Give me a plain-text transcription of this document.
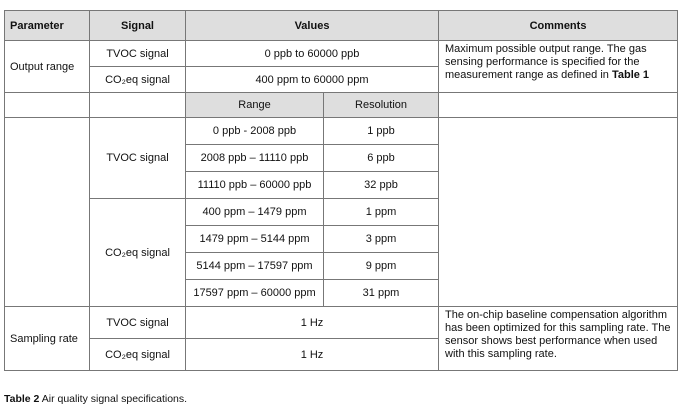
Parameter	Signal	Values		Comments
Output range	TVOC signal	0 ppb to 60000 ppb		Maximum possible output range. The gas sensing performance is specified for the measurement range as defined in Table 1
	CO₂eq signal	400 ppm to 60000 ppm		
		Range	Resolution	
	TVOC signal	0 ppb - 2008 ppb	1 ppb	
		2008 ppb – 11110 ppb	6 ppb	
		11110 ppb – 60000 ppb	32 ppb	
	CO₂eq signal	400 ppm – 1479 ppm	1 ppm	
		1479 ppm – 5144 ppm	3 ppm	
		5144 ppm – 17597 ppm	9 ppm	
		17597 ppm – 60000 ppm	31 ppm	
Sampling rate	TVOC signal	1 Hz		The on-chip baseline compensation algorithm has been optimized for this sampling rate. The sensor shows best performance when used with this sampling rate.
	CO₂eq signal	1 Hz		
Table 2 Air quality signal specifications.
